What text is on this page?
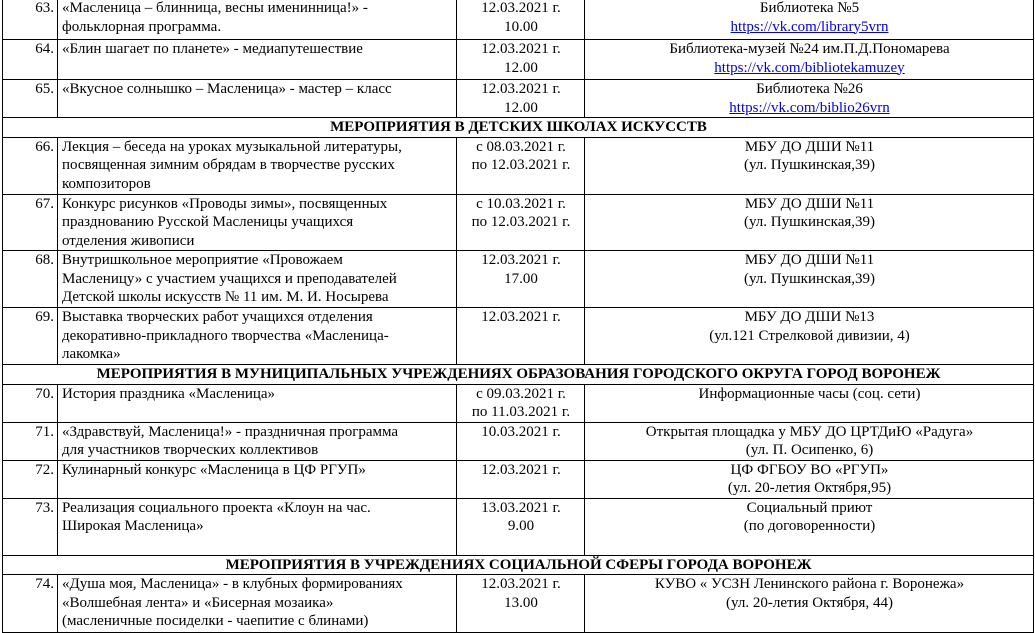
63.	«Масленица – блинница, весны именинница!» -
фольклорная программа.	12.03.2021 г.
10.00	Библиотека №5
https://vk.com/library5vrn
64.	«Блин шагает по планете» - медиапутешествие	12.03.2021 г.
12.00	Библиотека-музей №24 им.П.Д.Пономарева
https://vk.com/bibliotekamuzey
65.	«Вкусное солнышко – Масленица» - мастер – класс	12.03.2021 г.
12.00	Библиотека №26
https://vk.com/biblio26vrn
МЕРОПРИЯТИЯ В ДЕТСКИХ ШКОЛАХ ИСКУССТВ			
66.	Лекция – беседа на уроках музыкальной литературы,
посвященная зимним обрядам в творчестве русских
композиторов	с 08.03.2021 г.
по 12.03.2021 г.	МБУ ДО ДШИ №11
(ул. Пушкинская,39)

67.	Конкурс рисунков «Проводы зимы», посвященных
празднованию Русской Масленицы учащихся
отделения живописи	с 10.03.2021 г.
по 12.03.2021 г.	МБУ ДО ДШИ №11
(ул. Пушкинская,39)

68.	Внутришкольное мероприятие «Провожаем
Масленицу» с участием учащихся и преподавателей
Детской школы искусств № 11 им. М. И. Носырева	12.03.2021 г.
17.00	МБУ ДО ДШИ №11
(ул. Пушкинская,39)

69.	Выставка творческих работ учащихся отделения
декоративно-прикладного творчества «Масленица-
лакомка»	12.03.2021 г.	МБУ ДО ДШИ №13
(ул.121 Стрелковой дивизии, 4)

МЕРОПРИЯТИЯ В МУНИЦИПАЛЬНЫХ УЧРЕЖДЕНИЯХ ОБРАЗОВАНИЯ ГОРОДСКОГО ОКРУГА ГОРОД ВОРОНЕЖ			
70.	История праздника «Масленица»	с 09.03.2021 г.
по 11.03.2021 г.	Информационные часы (соц. сети)

71.	«Здравствуй, Масленица!» - праздничная программа
для участников творческих коллективов	10.03.2021 г.	Открытая площадка у МБУ ДО ЦРТДиЮ «Радуга»
(ул. П. Осипенко, 6)

72.	Кулинарный конкурс «Масленица в ЦФ РГУП»	12.03.2021 г.	ЦФ ФГБОУ ВО «РГУП»
(ул. 20-летия Октября,95)

73.	Реализация социального проекта «Клоун на час.
Широкая Масленица»	13.03.2021 г.
9.00	Социальный приют
(по договоренности)

МЕРОПРИЯТИЯ В УЧРЕЖДЕНИЯХ СОЦИАЛЬНОЙ СФЕРЫ ГОРОДА ВОРОНЕЖ			
74.	«Душа моя, Масленица» - в клубных формированиях
«Волшебная лента» и «Бисерная мозаика»
(масленичные посиделки - чаепитие с блинами)	12.03.2021 г.
13.00	КУВО « УСЗН Ленинского района г. Воронежа»
(ул. 20-летия Октября, 44)
